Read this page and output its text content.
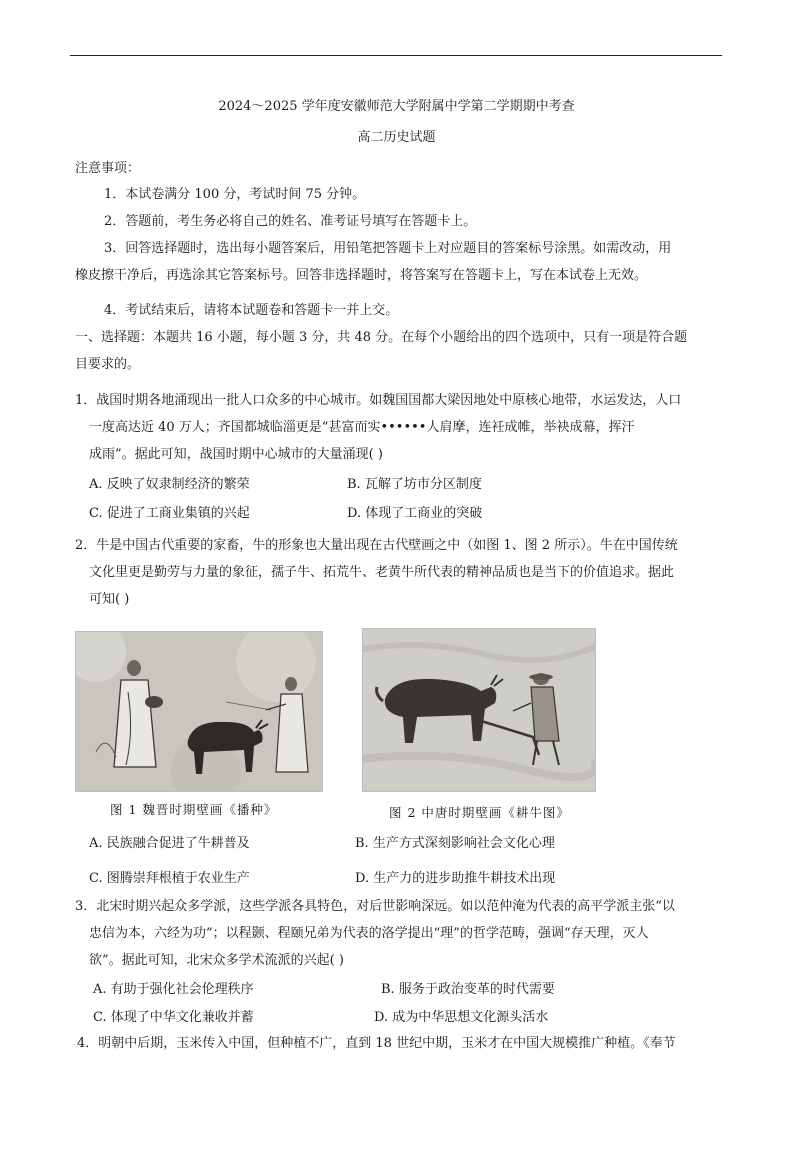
2024～2025 学年度安徽师范大学附属中学第二学期期中考查
高二历史试题
注意事项：
1．本试卷满分 100 分，考试时间 75 分钟。
2．答题前，考生务必将自己的姓名、准考证号填写在答题卡上。
3．回答选择题时，选出每小题答案后，用铅笔把答题卡上对应题目的答案标号涂黑。如需改动，用
橡皮擦干净后，再选涂其它答案标号。回答非选择题时，将答案写在答题卡上，写在本试卷上无效。
4．考试结束后，请将本试题卷和答题卡一并上交。
一、选择题：本题共 16 小题，每小题 3 分，共 48 分。在每个小题给出的四个选项中，只有一项是符合题
目要求的。
1．战国时期各地涌现出一批人口众多的中心城市。如魏国国都大梁因地处中原核心地带，水运发达，人口
一度高达近 40 万人；齐国都城临淄更是“甚富而实••••••人肩摩，连衽成帷，举袂成幕，挥汗
成雨”。据此可知，战国时期中心城市的大量涌现( )
A. 反映了奴隶制经济的繁荣	B. 瓦解了坊市分区制度
C. 促进了工商业集镇的兴起	D. 体现了工商业的突破
2．牛是中国古代重要的家畜，牛的形象也大量出现在古代壁画之中（如图 1、图 2 所示）。牛在中国传统
文化里更是勤劳与力量的象征，孺子牛、拓荒牛、老黄牛所代表的精神品质也是当下的价值追求。据此
可知( )
图 1 魏晋时期壁画《播种》	图 2 中唐时期壁画《耕牛图》
A. 民族融合促进了牛耕普及	B. 生产方式深刻影响社会文化心理
C. 图腾崇拜根植于农业生产	D. 生产力的进步助推牛耕技术出现
3．北宋时期兴起众多学派，这些学派各具特色，对后世影响深远。如以范仲淹为代表的高平学派主张“以
忠信为本，六经为功”；以程颢、程颐兄弟为代表的洛学提出“理”的哲学范畴，强调“存天理，灭人
欲”。据此可知，北宋众多学术流派的兴起( )
A. 有助于强化社会伦理秩序	B. 服务于政治变革的时代需要
C. 体现了中华文化兼收并蓄	D. 成为中华思想文化源头活水
4．明朝中后期，玉米传入中国，但种植不广，直到 18 世纪中期，玉米才在中国大规模推广种植。《奉节
